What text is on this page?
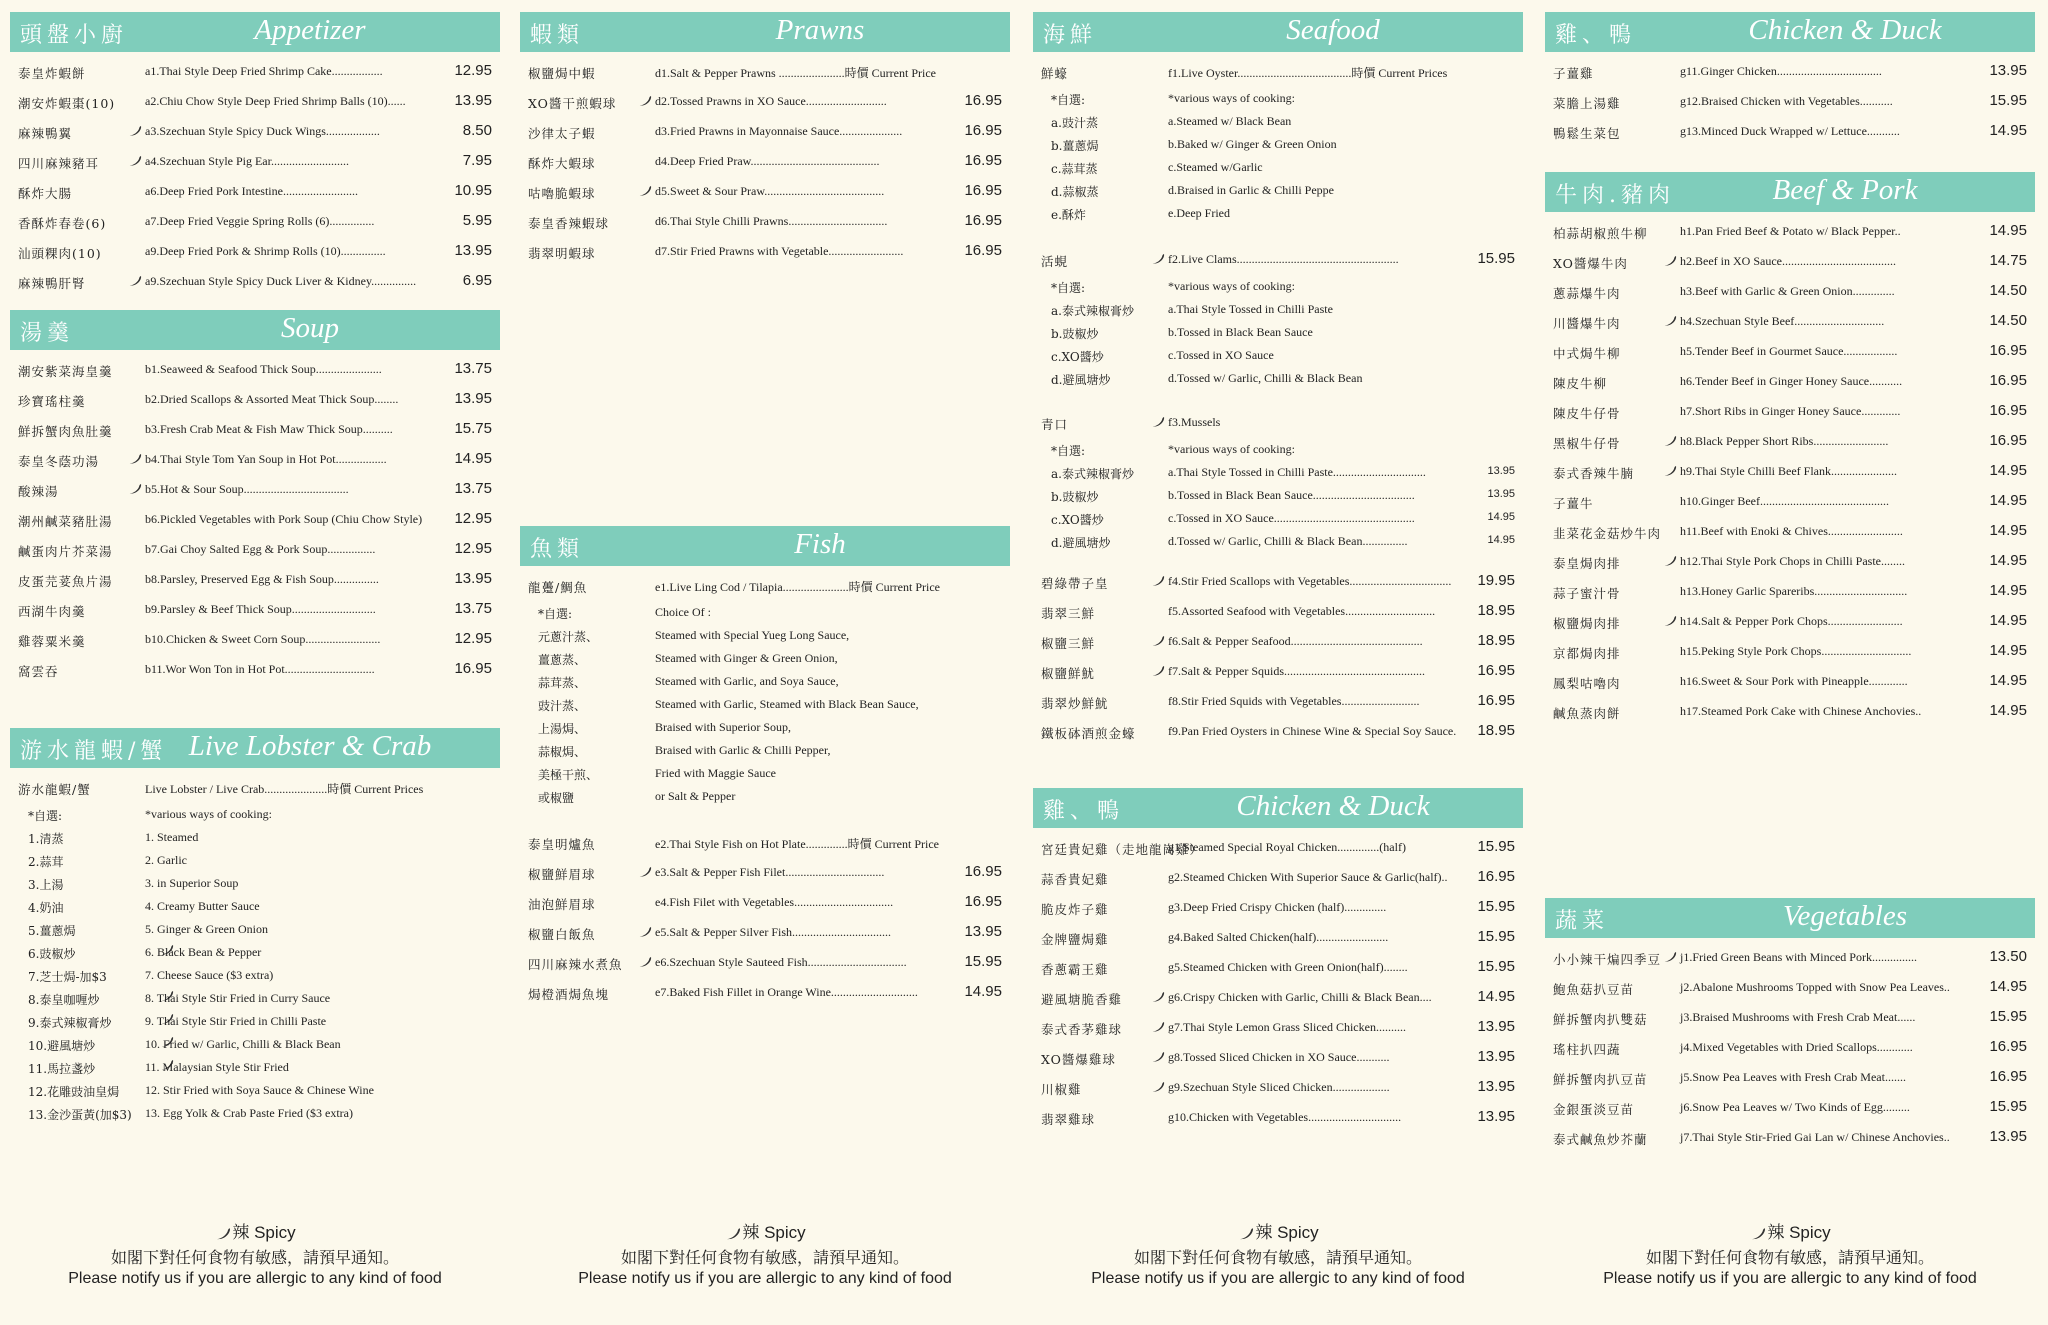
頭盤小廚	Appetizer
泰皇炸蝦餅	a1.Thai Style Deep Fried Shrimp Cake.................	12.95
潮安炸蝦棗(10)	a2.Chiu Chow Style Deep Fried Shrimp Balls (10)......	13.95
麻辣鴨翼	a3.Szechuan Style Spicy Duck Wings..................	8.50
四川麻辣豬耳	a4.Szechuan Style Pig Ear..........................	7.95
酥炸大腸	a6.Deep Fried Pork Intestine.........................	10.95
香酥炸春卷(6)	a7.Deep Fried Veggie Spring Rolls (6)...............	5.95
汕頭粿肉(10)	a9.Deep Fried Pork & Shrimp Rolls (10)...............	13.95
麻辣鴨肝腎	a9.Szechuan Style Spicy Duck Liver & Kidney...............	6.95
湯羹	Soup
潮安紫菜海皇羹	b1.Seaweed & Seafood Thick Soup......................	13.75
珍寶瑤柱羹	b2.Dried Scallops & Assorted Meat Thick Soup........	13.95
鮮拆蟹肉魚肚羹	b3.Fresh Crab Meat & Fish Maw Thick Soup..........	15.75
泰皇冬蔭功湯	b4.Thai Style Tom Yan Soup in Hot Pot.................	14.95
酸辣湯	b5.Hot & Sour Soup...................................	13.75
潮州鹹菜豬肚湯	b6.Pickled Vegetables with Pork Soup (Chiu Chow Style) 12.95
鹹蛋肉片芥菜湯	b7.Gai Choy Salted Egg & Pork Soup................	12.95
皮蛋芫荽魚片湯	b8.Parsley, Preserved Egg & Fish Soup...............	13.95
西湖牛肉羹	b9.Parsley & Beef Thick Soup............................	13.75
雞蓉粟米羹	b10.Chicken & Sweet Corn Soup.........................	12.95
窩雲吞	b11.Wor Won Ton in Hot Pot..............................	16.95
游水龍蝦/蟹 Live Lobster & Crab
游水龍蝦/蟹	Live Lobster / Live Crab.....................時價 Current Prices
*自選:	*various ways of cooking:
1.清蒸	1. Steamed
2.蒜茸	2. Garlic
3.上湯	3. in Superior Soup
4.奶油	4. Creamy Butter Sauce
5.薑蔥焗	5. Ginger & Green Onion
6.豉椒炒	6. Black Bean & Pepper
7.芝士焗-加$3	7. Cheese Sauce ($3 extra)
8.泰皇咖喱炒	8. Thai Style Stir Fried in Curry Sauce
9.泰式辣椒膏炒	9. Thai Style Stir Fried in Chilli Paste
10.避風塘炒	10. Fried w/ Garlic, Chilli & Black Bean
11.馬拉盞炒	11. Malaysian Style Stir Fried
12.花雕豉油皇焗 12. Stir Fried with Soya Sauce & Chinese Wine
13.金沙蛋黃(加$3) 13. Egg Yolk & Crab Paste Fried ($3 extra)
辣 Spicy
如閣下對任何食物有敏感，請預早通知。
Please notify us if you are allergic to any kind of food
蝦類	Prawns
椒鹽焗中蝦	d1.Salt & Pepper Prawns ......................時價 Current Price
XO醬干煎蝦球	d2.Tossed Prawns in XO Sauce...........................	16.95
沙律太子蝦	d3.Fried Prawns in Mayonnaise Sauce.....................	16.95
酥炸大蝦球	d4.Deep Fried Praw...........................................	16.95
咕嚕脆蝦球	d5.Sweet & Sour Praw........................................	16.95
泰皇香辣蝦球	d6.Thai Style Chilli Prawns.................................	16.95
翡翠明蝦球	d7.Stir Fried Prawns with Vegetable.........................	16.95
魚類	Fish
龍躉/鯛魚	e1.Live Ling Cod / Tilapia......................時價 Current Price
*自選:	Choice Of :
元蔥汁蒸、	Steamed with Special Yueg Long Sauce,
薑蔥蒸、	Steamed with Ginger & Green Onion,
蒜茸蒸、	Steamed with Garlic, and Soya Sauce,
豉汁蒸、	Steamed with Garlic, Steamed with Black Bean Sauce,
上湯焗、	Braised with Superior Soup,
蒜椒焗、	Braised with Garlic & Chilli Pepper,
美極干煎、	Fried with Maggie Sauce
或椒鹽	or Salt & Pepper
泰皇明爐魚	e2.Thai Style Fish on Hot Plate..............時價 Current Price
椒鹽鮮眉球	e3.Salt & Pepper Fish Filet.................................	16.95
油泡鮮眉球	e4.Fish Filet with Vegetables.................................	16.95
椒鹽白飯魚	e5.Salt & Pepper Silver Fish.................................	13.95
四川麻辣水煮魚	e6.Szechuan Style Sauteed Fish.................................	15.95
焗橙酒焗魚塊	e7.Baked Fish Fillet in Orange Wine.............................	14.95
辣 Spicy
如閣下對任何食物有敏感，請預早通知。
Please notify us if you are allergic to any kind of food
海鮮	Seafood
鮮蠔	f1.Live Oyster......................................時價 Current Prices
*自選:	*various ways of cooking:
a.豉汁蒸	a.Steamed w/ Black Bean
b.薑蔥焗	b.Baked w/ Ginger & Green Onion
c.蒜茸蒸	c.Steamed w/Garlic
d.蒜椒蒸	d.Braised in Garlic & Chilli Peppe
e.酥炸	e.Deep Fried
活蜆	f2.Live Clams......................................................	15.95
*自選:	*various ways of cooking:
a.泰式辣椒膏炒	a.Thai Style Tossed in Chilli Paste
b.豉椒炒	b.Tossed in Black Bean Sauce
c.XO醬炒	c.Tossed in XO Sauce
d.避風塘炒	d.Tossed w/ Garlic, Chilli & Black Bean
青口	f3.Mussels
*自選:	*various ways of cooking:
a.泰式辣椒膏炒	a.Thai Style Tossed in Chilli Paste...............................	13.95
b.豉椒炒	b.Tossed in Black Bean Sauce..................................	13.95
c.XO醬炒	c.Tossed in XO Sauce...............................................	14.95
d.避風塘炒	d.Tossed w/ Garlic, Chilli & Black Bean...............	14.95
碧綠帶子皇	f4.Stir Fried Scallops with Vegetables.................................. 19.95
翡翠三鮮	f5.Assorted Seafood with Vegetables..............................	18.95
椒鹽三鮮	f6.Salt & Pepper Seafood............................................	18.95
椒鹽鮮魷	f7.Salt & Pepper Squids...............................................	16.95
翡翠炒鮮魷	f8.Stir Fried Squids with Vegetables..........................	16.95
鐵板砵酒煎金蠔	f9.Pan Fried Oysters in Chinese Wine & Special Soy Sauce. 18.95
雞、鴨	Chicken & Duck
宮廷貴妃雞（走地龍崗雞）
g1.Steamed Special Royal Chicken..............(half)	15.95
蒜香貴妃雞	g2.Steamed Chicken With Superior Sauce & Garlic(half).. 16.95
脆皮炸子雞	g3.Deep Fried Crispy Chicken (half)..............	15.95
金牌鹽焗雞	g4.Baked Salted Chicken(half)........................	15.95
香蔥霸王雞	g5.Steamed Chicken with Green Onion(half)........	15.95
避風塘脆香雞	g6.Crispy Chicken with Garlic, Chilli & Black Bean....	14.95
泰式香茅雞球	g7.Thai Style Lemon Grass Sliced Chicken..........	13.95
XO醬爆雞球	g8.Tossed Sliced Chicken in XO Sauce...........	13.95
川椒雞	g9.Szechuan Style Sliced Chicken...................	13.95
翡翠雞球	g10.Chicken with Vegetables...............................	13.95
辣 Spicy
如閣下對任何食物有敏感，請預早通知。
Please notify us if you are allergic to any kind of food
雞、鴨	Chicken & Duck
子薑雞	g11.Ginger Chicken...................................	13.95
菜膽上湯雞	g12.Braised Chicken with Vegetables...........	15.95
鴨鬆生菜包	g13.Minced Duck Wrapped w/ Lettuce...........	14.95
牛肉.豬肉	Beef & Pork
柏蒜胡椒煎牛柳	h1.Pan Fried Beef & Potato w/ Black Pepper..	14.95
XO醬爆牛肉	h2.Beef in XO Sauce......................................	14.75
蔥蒜爆牛肉	h3.Beef with Garlic & Green Onion..............	14.50
川醬爆牛肉	h4.Szechuan Style Beef..............................	14.50
中式焗牛柳	h5.Tender Beef in Gourmet Sauce..................	16.95
陳皮牛柳	h6.Tender Beef in Ginger Honey Sauce...........	16.95
陳皮牛仔骨	h7.Short Ribs in Ginger Honey Sauce.............	16.95
黑椒牛仔骨	h8.Black Pepper Short Ribs.........................	16.95
泰式香辣牛腩	h9.Thai Style Chilli Beef Flank......................	14.95
子薑牛	h10.Ginger Beef...........................................	14.95
韭菜花金菇炒牛肉 h11.Beef with Enoki & Chives.........................	14.95
泰皇焗肉排	h12.Thai Style Pork Chops in Chilli Paste........	14.95
蒜子蜜汁骨	h13.Honey Garlic Spareribs...............................	14.95
椒鹽焗肉排	h14.Salt & Pepper Pork Chops.........................	14.95
京都焗肉排	h15.Peking Style Pork Chops..............................	14.95
鳳梨咕嚕肉	h16.Sweet & Sour Pork with Pineapple.............	14.95
鹹魚蒸肉餅	h17.Steamed Pork Cake with Chinese Anchovies..	14.95
蔬菜	Vegetables
小小辣干煸四季豆 j1.Fried Green Beans with Minced Pork...............	13.50
鮑魚菇扒豆苗	j2.Abalone Mushrooms Topped with Snow Pea Leaves..	14.95
鮮拆蟹肉扒雙菇	j3.Braised Mushrooms with Fresh Crab Meat......	15.95
瑤柱扒四蔬	j4.Mixed Vegetables with Dried Scallops............	16.95
鮮拆蟹肉扒豆苗	j5.Snow Pea Leaves with Fresh Crab Meat.......	16.95
金銀蛋淡豆苗	j6.Snow Pea Leaves w/ Two Kinds of Egg.........	15.95
泰式鹹魚炒芥蘭	j7.Thai Style Stir-Fried Gai Lan w/ Chinese Anchovies..	13.95
辣 Spicy
如閣下對任何食物有敏感，請預早通知。
Please notify us if you are allergic to any kind of food
